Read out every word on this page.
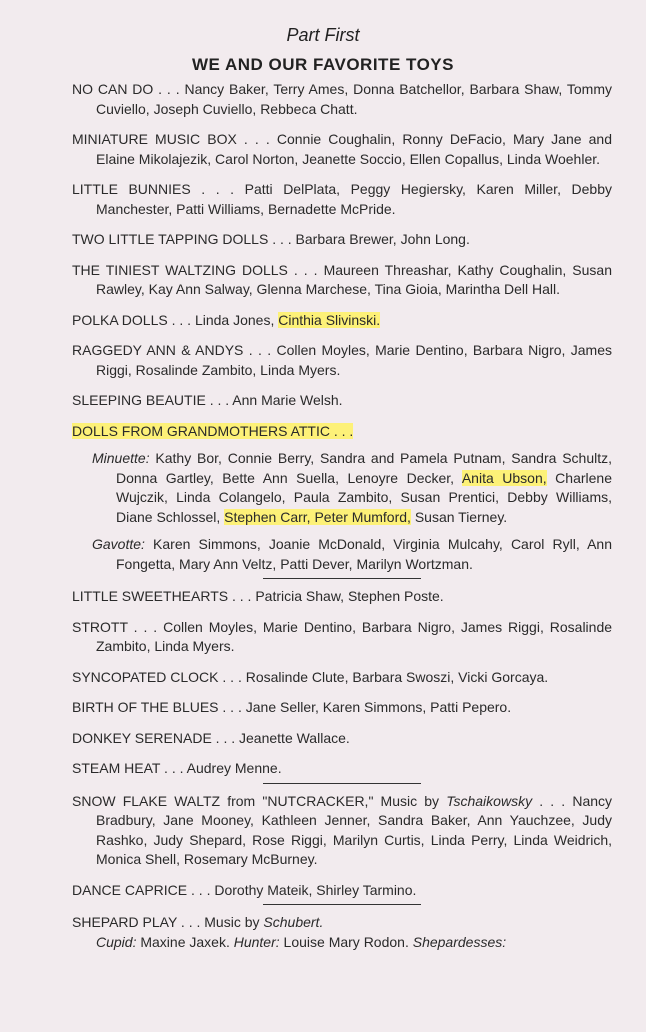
Part First
WE AND OUR FAVORITE TOYS
NO CAN DO . . . Nancy Baker, Terry Ames, Donna Batchellor, Barbara Shaw, Tommy Cuviello, Joseph Cuviello, Rebbeca Chatt.
MINIATURE MUSIC BOX . . . Connie Coughalin, Ronny DeFacio, Mary Jane and Elaine Mikolajezik, Carol Norton, Jeanette Soccio, Ellen Copallus, Linda Woehler.
LITTLE BUNNIES . . . Patti DelPlata, Peggy Hegiersky, Karen Miller, Debby Manchester, Patti Williams, Bernadette McPride.
TWO LITTLE TAPPING DOLLS . . . Barbara Brewer, John Long.
THE TINIEST WALTZING DOLLS . . . Maureen Threashar, Kathy Coughalin, Susan Rawley, Kay Ann Salway, Glenna Marchese, Tina Gioia, Marintha Dell Hall.
POLKA DOLLS . . . Linda Jones, Cinthia Slivinski.
RAGGEDY ANN & ANDYS . . . Collen Moyles, Marie Dentino, Barbara Nigro, James Riggi, Rosalinde Zambito, Linda Myers.
SLEEPING BEAUTIE . . . Ann Marie Welsh.
DOLLS FROM GRANDMOTHERS ATTIC . . .
Minuette: Kathy Bor, Connie Berry, Sandra and Pamela Putnam, Sandra Schultz, Donna Gartley, Bette Ann Suella, Lenoyre Decker, Anita Ubson, Charlene Wujczik, Linda Colangelo, Paula Zambito, Susan Prentici, Debby Williams, Diane Schlossel, Stephen Carr, Peter Mumford, Susan Tierney.
Gavotte: Karen Simmons, Joanie McDonald, Virginia Mulcahy, Carol Ryll, Ann Fongetta, Mary Ann Veltz, Patti Dever, Marilyn Wortzman.
LITTLE SWEETHEARTS . . . Patricia Shaw, Stephen Poste.
STROTT . . . Collen Moyles, Marie Dentino, Barbara Nigro, James Riggi, Rosalinde Zambito, Linda Myers.
SYNCOPATED CLOCK . . . Rosalinde Clute, Barbara Swoszi, Vicki Gorcaya.
BIRTH OF THE BLUES . . . Jane Seller, Karen Simmons, Patti Pepero.
DONKEY SERENADE . . . Jeanette Wallace.
STEAM HEAT . . . Audrey Menne.
SNOW FLAKE WALTZ from "NUTCRACKER," Music by Tschaikowsky . . . Nancy Bradbury, Jane Mooney, Kathleen Jenner, Sandra Baker, Ann Yauchzee, Judy Rashko, Judy Shepard, Rose Riggi, Marilyn Curtis, Linda Perry, Linda Weidrich, Monica Shell, Rosemary McBurney.
DANCE CAPRICE . . . Dorothy Mateik, Shirley Tarmino.
SHEPARD PLAY . . . Music by Schubert.
Cupid: Maxine Jaxek. Hunter: Louise Mary Rodon. Shepardesses:
